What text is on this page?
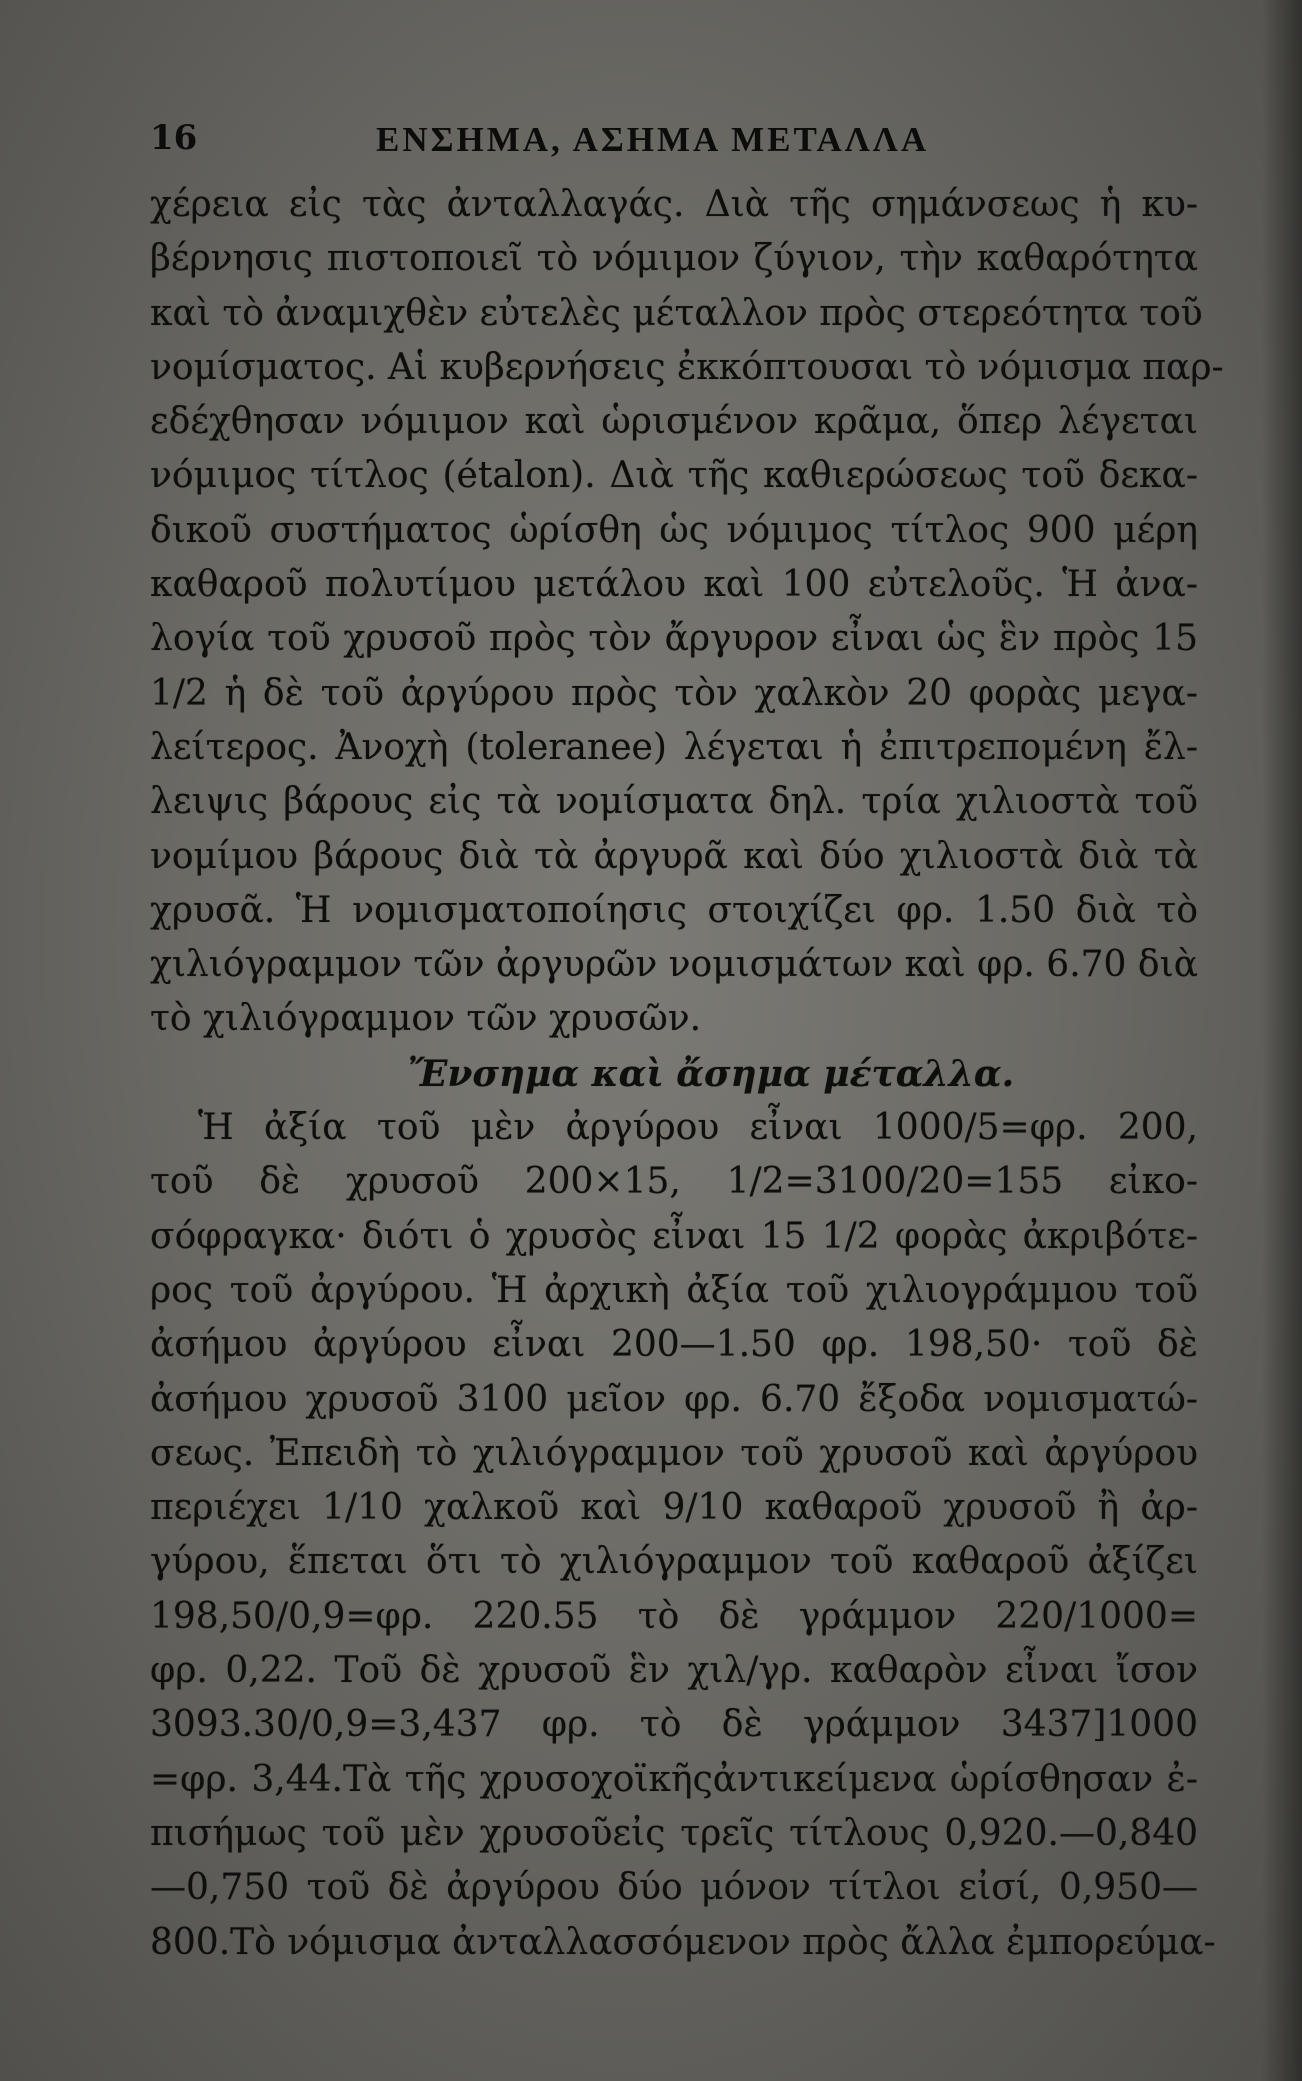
16	ΕΝΣΗΜΑ, ΑΣΗΜΑ ΜΕΤΑΛΛΑ
χέρεια εἰς τὰς ἀνταλλαγάς. Διὰ τῆς σημάνσεως ἡ κυ-
βέρνησις πιστοποιεῖ τὸ νόμιμον ζύγιον, τὴν καθαρότητα
καὶ τὸ ἀναμιχθὲν εὐτελὲς μέταλλον πρὸς στερεότητα τοῦ
νομίσματος. Αἱ κυβερνήσεις ἐκκόπτουσαι τὸ νόμισμα παρ-
εδέχθησαν νόμιμον καὶ ὡρισμένον κρᾶμα, ὅπερ λέγεται
νόμιμος τίτλος (étalon). Διὰ τῆς καθιερώσεως τοῦ δεκα-
δικοῦ συστήματος ὡρίσθη ὡς νόμιμος τίτλος 900 μέρη
καθαροῦ πολυτίμου μετάλου καὶ 100 εὐτελοῦς. Ἡ ἀνα-
λογία τοῦ χρυσοῦ πρὸς τὸν ἄργυρον εἶναι ὡς ἓν πρὸς 15
1/2 ἡ δὲ τοῦ ἀργύρου πρὸς τὸν χαλκὸν 20 φορὰς μεγα-
λείτερος. Ἀνοχὴ (toleranee) λέγεται ἡ ἐπιτρεπομένη ἔλ-
λειψις βάρους εἰς τὰ νομίσματα δηλ. τρία χιλιοστὰ τοῦ
νομίμου βάρους διὰ τὰ ἀργυρᾶ καὶ δύο χιλιοστὰ διὰ τὰ
χρυσᾶ. Ἡ νομισματοποίησις στοιχίζει φρ. 1.50 διὰ τὸ
χιλιόγραμμον τῶν ἀργυρῶν νομισμάτων καὶ φρ. 6.70 διὰ
τὸ χιλιόγραμμον τῶν χρυσῶν.
Ἔνσημα καὶ ἄσημα μέταλλα.
Ἡ ἀξία τοῦ μὲν ἀργύρου εἶναι 1000/5=φρ. 200,
τοῦ δὲ χρυσοῦ 200×15, 1/2=3100/20=155 εἰκο-
σόφραγκα· διότι ὁ χρυσὸς εἶναι 15 1/2 φορὰς ἀκριβότε-
ρος τοῦ ἀργύρου. Ἡ ἀρχικὴ ἀξία τοῦ χιλιογράμμου τοῦ
ἀσήμου ἀργύρου εἶναι 200—1.50 φρ. 198,50· τοῦ δὲ
ἀσήμου χρυσοῦ 3100 μεῖον φρ. 6.70 ἔξοδα νομισματώ-
σεως. Ἐπειδὴ τὸ χιλιόγραμμον τοῦ χρυσοῦ καὶ ἀργύρου
περιέχει 1/10 χαλκοῦ καὶ 9/10 καθαροῦ χρυσοῦ ἢ ἀρ-
γύρου, ἕπεται ὅτι τὸ χιλιόγραμμον τοῦ καθαροῦ ἀξίζει
198,50/0,9=φρ. 220.55 τὸ δὲ γράμμον 220/1000=
φρ. 0,22. Τοῦ δὲ χρυσοῦ ἓν χιλ/γρ. καθαρὸν εἶναι ἴσον
3093.30/0,9=3,437 φρ. τὸ δὲ γράμμον 3437]1000
=φρ. 3,44.Τὰ τῆς χρυσοχοϊκῆςἀντικείμενα ὡρίσθησαν ἐ-
πισήμως τοῦ μὲν χρυσοῦεἰς τρεῖς τίτλους 0,920.—0,840
—0,750 τοῦ δὲ ἀργύρου δύο μόνον τίτλοι εἰσί, 0,950—
800.Τὸ νόμισμα ἀνταλλασσόμενον πρὸς ἄλλα ἐμπορεύμα-
